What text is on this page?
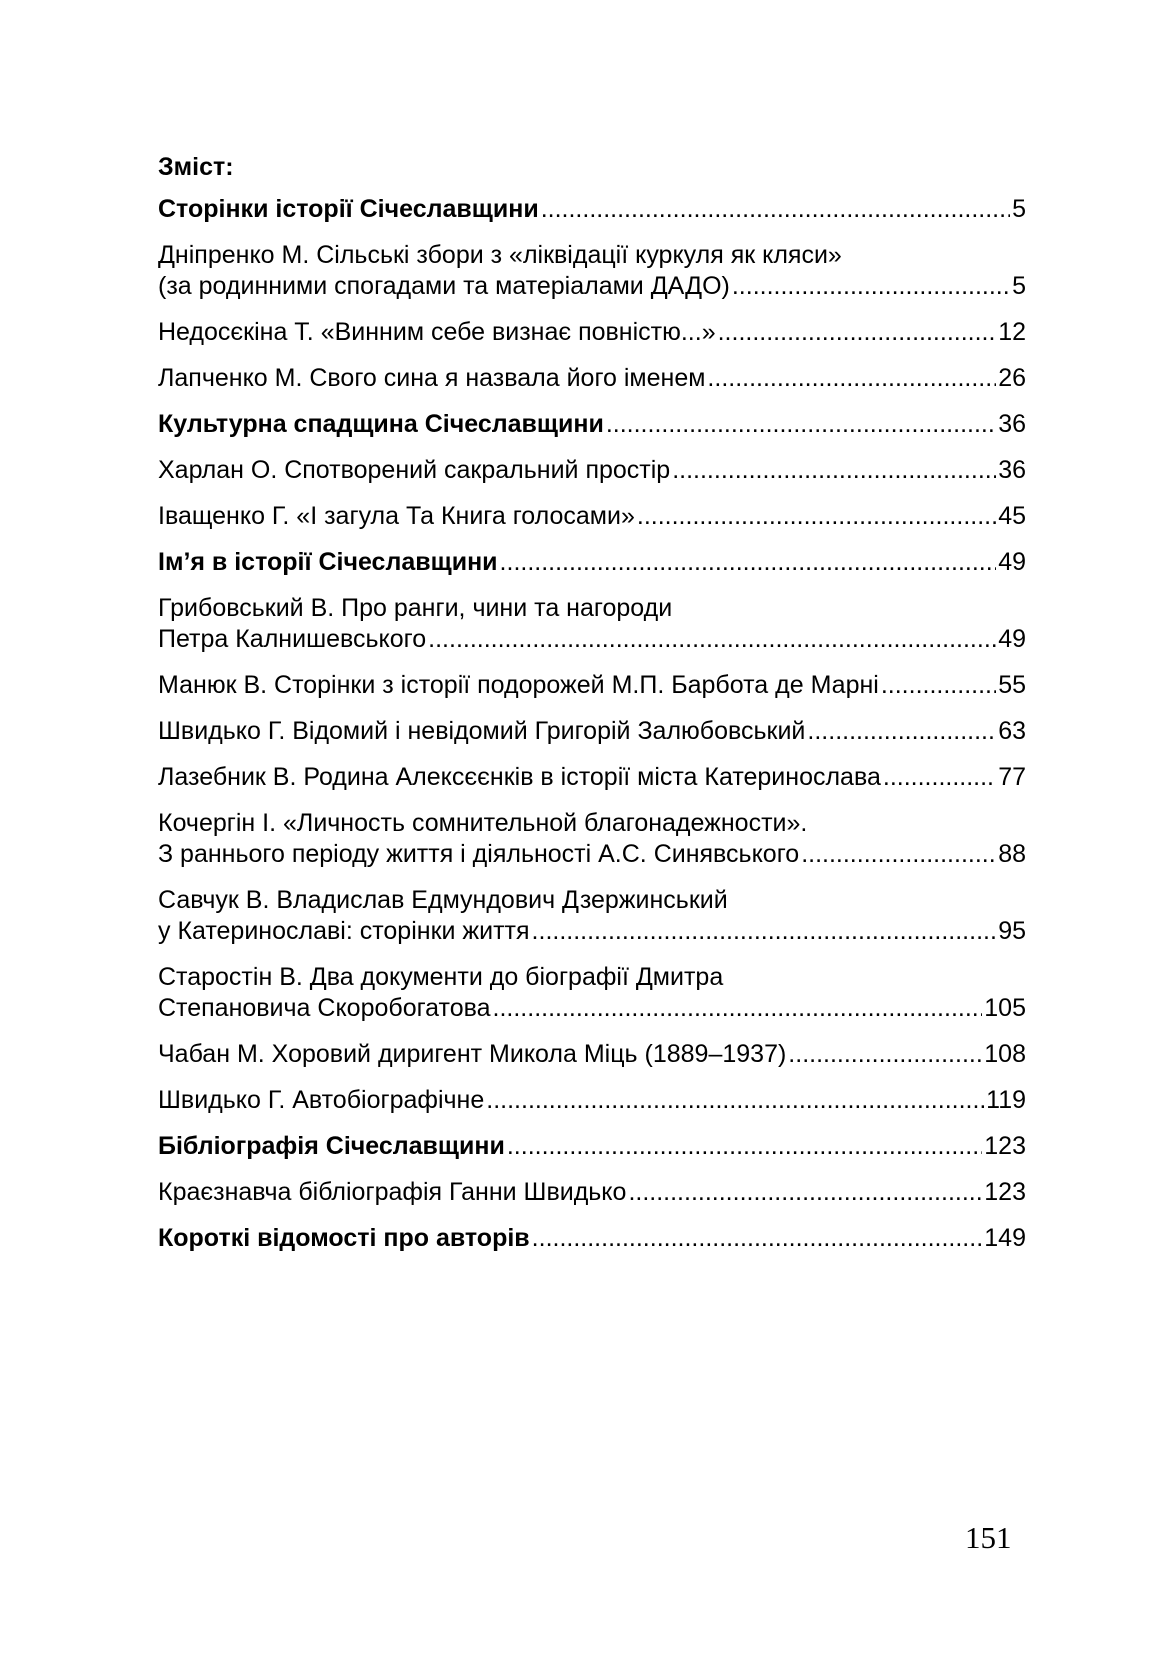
Зміст:
Сторінки історії Січеславщини .....	5
Дніпренко М. Сільські збори з «ліквідації куркуля як кляси»
(за родинними спогадами та матеріалами ДАДО) .....	5
Недосєкіна Т. «Винним себе визнає повністю...» .....	12
Лапченко М. Свого сина я назвала його іменем .....	26
Культурна спадщина Січеславщини .....	36
Харлан О. Спотворений сакральний простір .....	36
Іващенко Г. «І загула Та Книга голосами» .....	45
Ім’я в історії Січеславщини .....	49
Грибовський В. Про ранги, чини та нагороди
Петра Калнишевського .....	49
Манюк В. Сторінки з історії подорожей М.П. Барбота де Марні .....	55
Швидько Г. Відомий і невідомий Григорій Залюбовський .....	63
Лазебник В. Родина Алексєєнків в історії міста Катеринослава .....	77
Кочергін І. «Личность сомнительной благонадежности».
З раннього періоду життя і діяльності А.С. Синявського .....	88
Савчук В. Владислав Едмундович Дзержинський
у Катеринославі: сторінки життя .....	95
Старостін В. Два документи до біографії Дмитра
Степановича Скоробогатова .....	105
Чабан М. Хоровий диригент Микола Міць (1889–1937) .....	108
Швидько Г. Автобіографічне .....	119
Бібліографія Січеславщини .....	123
Краєзнавча бібліографія Ганни Швидько .....	123
Короткі відомості про авторів .....	149
151
